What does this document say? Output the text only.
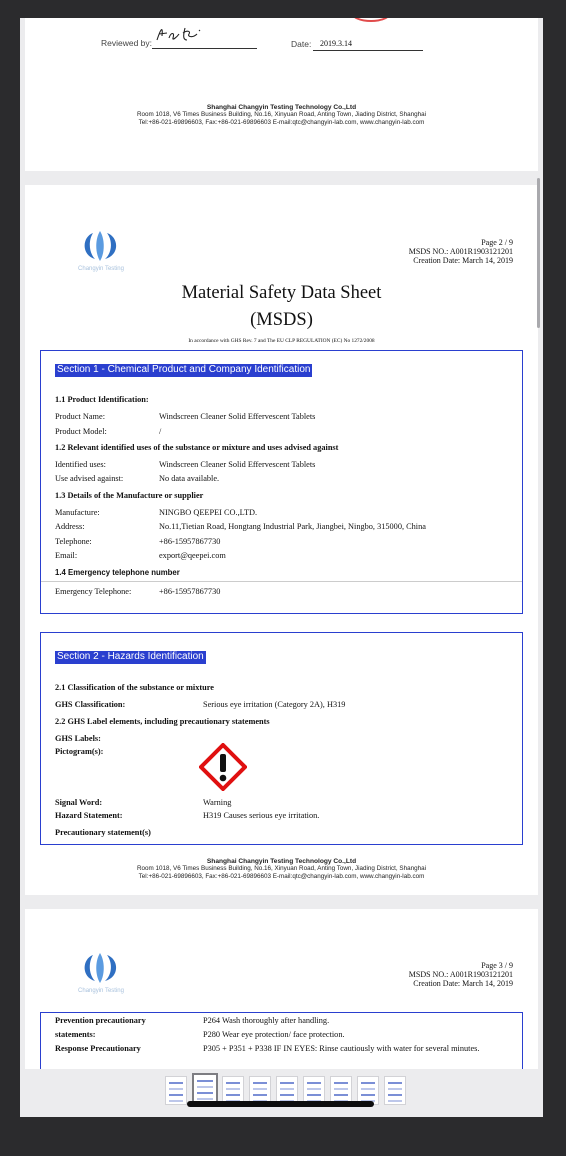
Reviewed by:	Date: 2019.3.14
Shanghai Changyin Testing Technology Co.,Ltd
Room 1018, V6 Times Business Building, No.16, Xinyuan Road, Anting Town, Jiading District, Shanghai
Tel:+86-021-69896603, Fax:+86-021-69896603 E-mail:qtc@changyin-lab.com, www.changyin-lab.com
Changyin Testing
Page 2 / 9
MSDS NO.: A001R1903121201
Creation Date: March 14, 2019
Material Safety Data Sheet
(MSDS)
In accordance with GHS Rev. 7 and The EU CLP REGULATION (EC) No 1272/2008
Section 1 - Chemical Product and Company Identification
1.1 Product Identification:
Product Name:	Windscreen Cleaner Solid Effervescent Tablets
Product Model:	/
1.2 Relevant identified uses of the substance or mixture and uses advised against
Identified uses:	Windscreen Cleaner Solid Effervescent Tablets
Use advised against:	No data available.
1.3 Details of the Manufacture or supplier
Manufacture:	NINGBO QEEPEI CO.,LTD.
Address:	No.11,Tietian Road, Hongtang Industrial Park, Jiangbei, Ningbo, 315000, China
Telephone:	+86-15957867730
Email:	export@qeepei.com
1.4 Emergency telephone number
Emergency Telephone:	+86-15957867730
Section 2 - Hazards Identification
2.1 Classification of the substance or mixture
GHS Classification:	Serious eye irritation (Category 2A), H319
2.2 GHS Label elements, including precautionary statements
GHS Labels:
Pictogram(s):
Signal Word:	Warning
Hazard Statement:	H319 Causes serious eye irritation.
Precautionary statement(s)
Shanghai Changyin Testing Technology Co.,Ltd
Room 1018, V6 Times Business Building, No.16, Xinyuan Road, Anting Town, Jiading District, Shanghai
Tel:+86-021-69896603, Fax:+86-021-69896603 E-mail:qtc@changyin-lab.com, www.changyin-lab.com
Changyin Testing
Page 3 / 9
MSDS NO.: A001R1903121201
Creation Date: March 14, 2019
Prevention precautionary	P264 Wash thoroughly after handling.
statements:	P280 Wear eye protection/ face protection.
Response Precautionary	P305 + P351 + P338 IF IN EYES: Rinse cautiously with water for several minutes.
